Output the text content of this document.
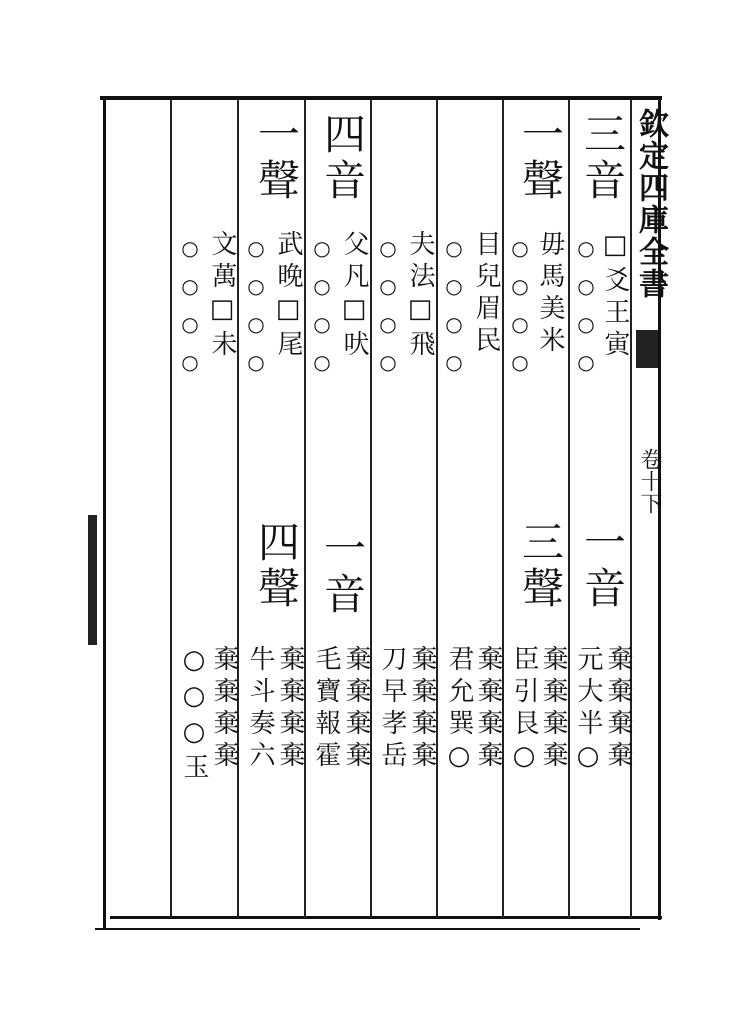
欽定四庫全書
卷十下
三音
○○○○ □爻王寅
一音
棄棄棄棄
元大半○
一聲
○○○○ 毋馬美米
三聲
棄棄棄棄
臣引艮○
○○○○ 目兒眉民
棄棄棄棄
君允巽○
○○○○ 夫法□飛
棄棄棄棄
刀早孝岳
四音
○○○○ 父凡□吠
一音
棄棄棄棄
毛寶報霍
一聲
○○○○ 武晚□尾
四聲
棄棄棄棄
牛斗奏六
○○○○ 文萬□未
棄棄棄棄
○○○玉
